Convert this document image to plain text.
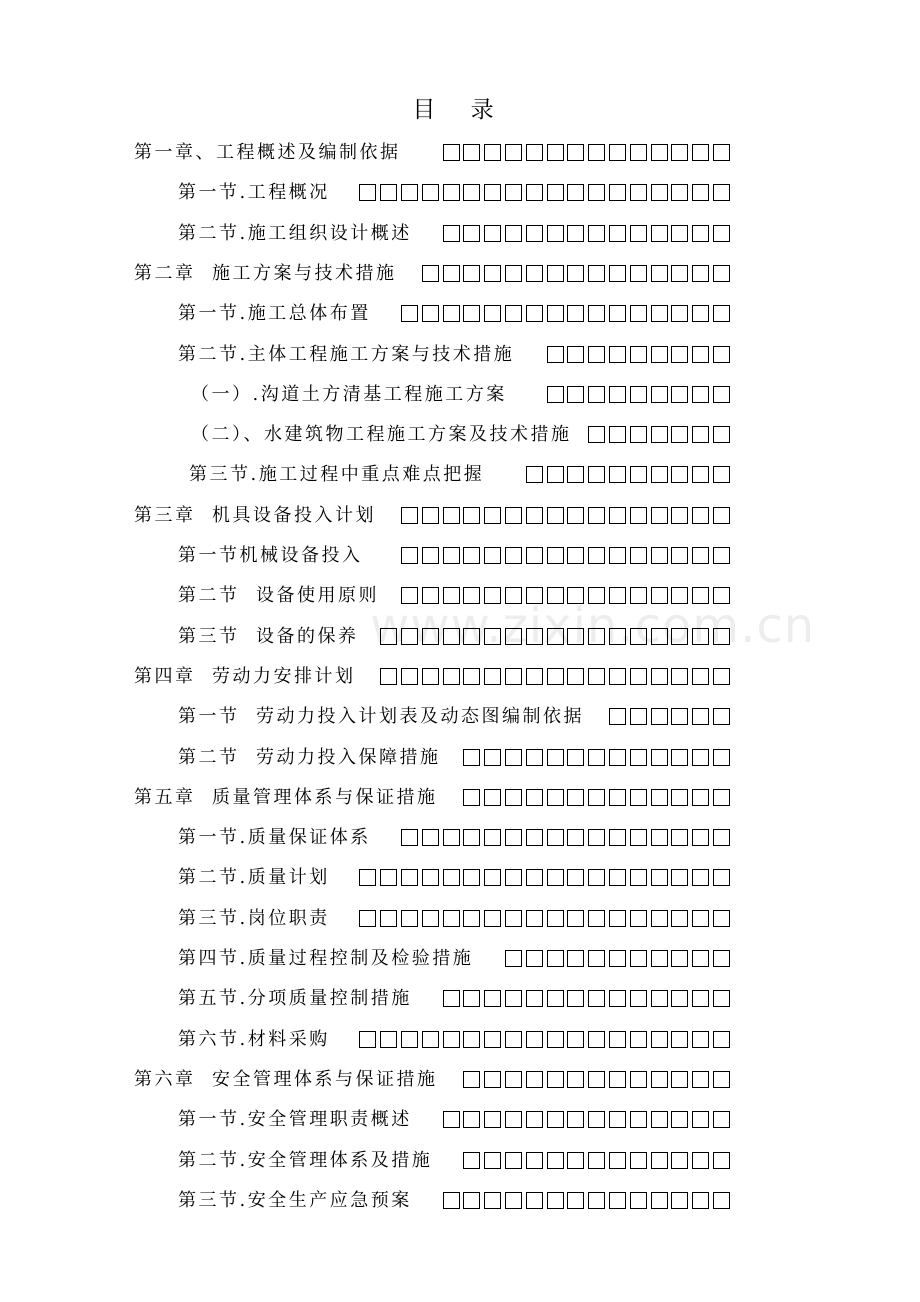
目 录
www.zixin.com.cn
第一章、工程概述及编制依据
第一节.工程概况
第二节.施工组织设计概述
第二章  施工方案与技术措施
第一节.施工总体布置
第二节.主体工程施工方案与技术措施
（一）.沟道土方清基工程施工方案
（二）、水建筑物工程施工方案及技术措施
第三节.施工过程中重点难点把握
第三章  机具设备投入计划
第一节机械设备投入
第二节  设备使用原则
第三节  设备的保养
第四章  劳动力安排计划
第一节  劳动力投入计划表及动态图编制依据
第二节  劳动力投入保障措施
第五章  质量管理体系与保证措施
第一节.质量保证体系
第二节.质量计划
第三节.岗位职责
第四节.质量过程控制及检验措施
第五节.分项质量控制措施
第六节.材料采购
第六章  安全管理体系与保证措施
第一节.安全管理职责概述
第二节.安全管理体系及措施
第三节.安全生产应急预案
